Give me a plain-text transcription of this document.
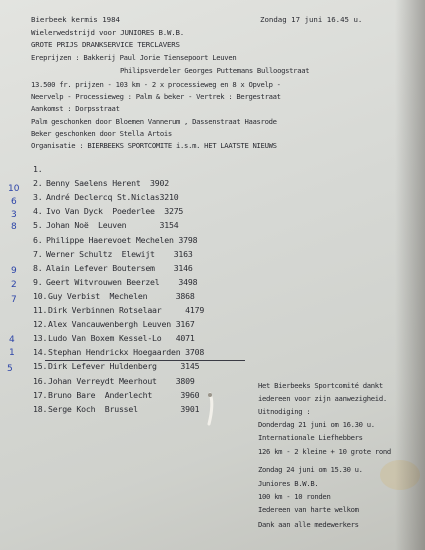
Bierbeek kermis 1984	Zondag 17 juni 16.45 u.
Wielerwedstrijd voor JUNIORES B.W.B.
GROTE PRIJS DRANKSERVICE TERCLAVERS
Ereprijzen : Bakkerij Paul Jorie Tiensepoort Leuven
Philipsverdeler Georges Puttemans Bulloogstraat
13.500 fr. prijzen - 103 km - 2 x processieweg en 8 x Opvelp -
Neervelp - Processieweg : Palm & beker - Vertrek : Bergestraat
Aankomst : Dorpsstraat
Palm geschonken door Bloemen Vannerum , Dassenstraat Haasrode
Beker geschonken door Stella Artois
Organisatie : BIERBEEKS SPORTCOMITE i.s.m. HET LAATSTE NIEUWS
10
6
3
8
9
2
7
4
1
5
1.
2. Benny Saelens Herent  3902
3. André Declercq St.Niclas3210
4. Ivo Van Dyck  Poederlee  3275
5. Johan Noë  Leuven       3154
6. Philippe Haerevoet Mechelen 3798
7. Werner Schultz  Elewijt    3163
8. Alain Lefever Boutersem    3146
9. Geert Witvrouwen Beerzel    3498
10.Guy Verbist  Mechelen      3868
11.Dirk Verbinnen Rotselaar     4179
12.Alex Vancauwenbergh Leuven 3167
13.Ludo Van Boxem Kessel-Lo   4071
14.Stephan Hendrickx Hoegaarden 3708
15.Dirk Lefever Huldenberg     3145
16.Johan Verreydt Meerhout    3809
17.Bruno Bare  Anderlecht      3960
18.Serge Koch  Brussel         3901
Het Bierbeeks Sportcomité dankt
iedereen voor zijn aanwezigheid.
Uitnodiging :
Donderdag 21 juni om 16.30 u.
Internationale Liefhebbers
126 km - 2 kleine + 10 grote rond
Zondag 24 juni om 15.30 u.
Juniores B.W.B.
100 km - 10 ronden
Iedereen van harte welkom
Dank aan alle medewerkers
